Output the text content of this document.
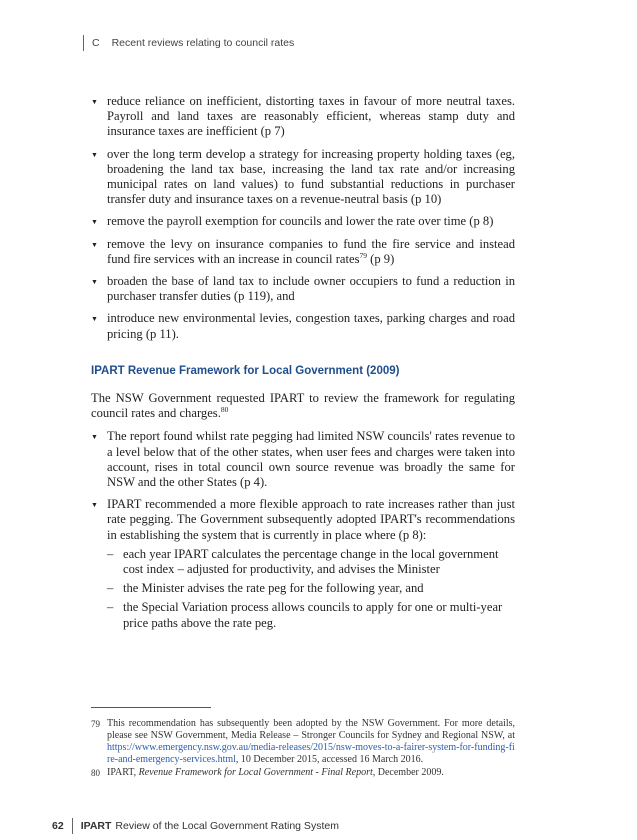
C Recent reviews relating to council rates
▼ reduce reliance on inefficient, distorting taxes in favour of more neutral taxes. Payroll and land taxes are reasonably efficient, whereas stamp duty and insurance taxes are inefficient (p 7)
▼ over the long term develop a strategy for increasing property holding taxes (eg, broadening the land tax base, increasing the land tax rate and/or increasing municipal rates on land values) to fund substantial reductions in purchaser transfer duty and insurance taxes on a revenue-neutral basis (p 10)
▼ remove the payroll exemption for councils and lower the rate over time (p 8)
▼ remove the levy on insurance companies to fund the fire service and instead fund fire services with an increase in council rates$^{79}$ (p 9)
▼ broaden the base of land tax to include owner occupiers to fund a reduction in purchaser transfer duties (p 119), and
▼ introduce new environmental levies, congestion taxes, parking charges and road pricing (p 11).
IPART Revenue Framework for Local Government (2009)

The NSW Government requested IPART to review the framework for regulating council rates and charges.$^{80}$

▼ The report found whilst rate pegging had limited NSW councils' rates revenue to a level below that of the other states, when user fees and charges were taken into account, rises in total council own source revenue was broadly the same for NSW and the other States (p 4).
▼ IPART recommended a more flexible approach to rate increases rather than just rate pegging. The Government subsequently adopted IPART's recommendations in establishing the system that is currently in place where (p 8):
– each year IPART calculates the percentage change in the local government cost index – adjusted for productivity, and advises the Minister
– the Minister advises the rate peg for the following year, and
– the Special Variation process allows councils to apply for one or multi-year price paths above the rate peg.
79 This recommendation has subsequently been adopted by the NSW Government. For more details, please see NSW Government, Media Release – Stronger Councils for Sydney and Regional NSW, at https://www.emergency.nsw.gov.au/media-releases/2015/nsw-moves-to-a-fairer-system-for-funding-fire-and-emergency-services.html, 10 December 2015, accessed 16 March 2016.
80 IPART, Revenue Framework for Local Government - Final Report, December 2009.
62 IPART Review of the Local Government Rating System
